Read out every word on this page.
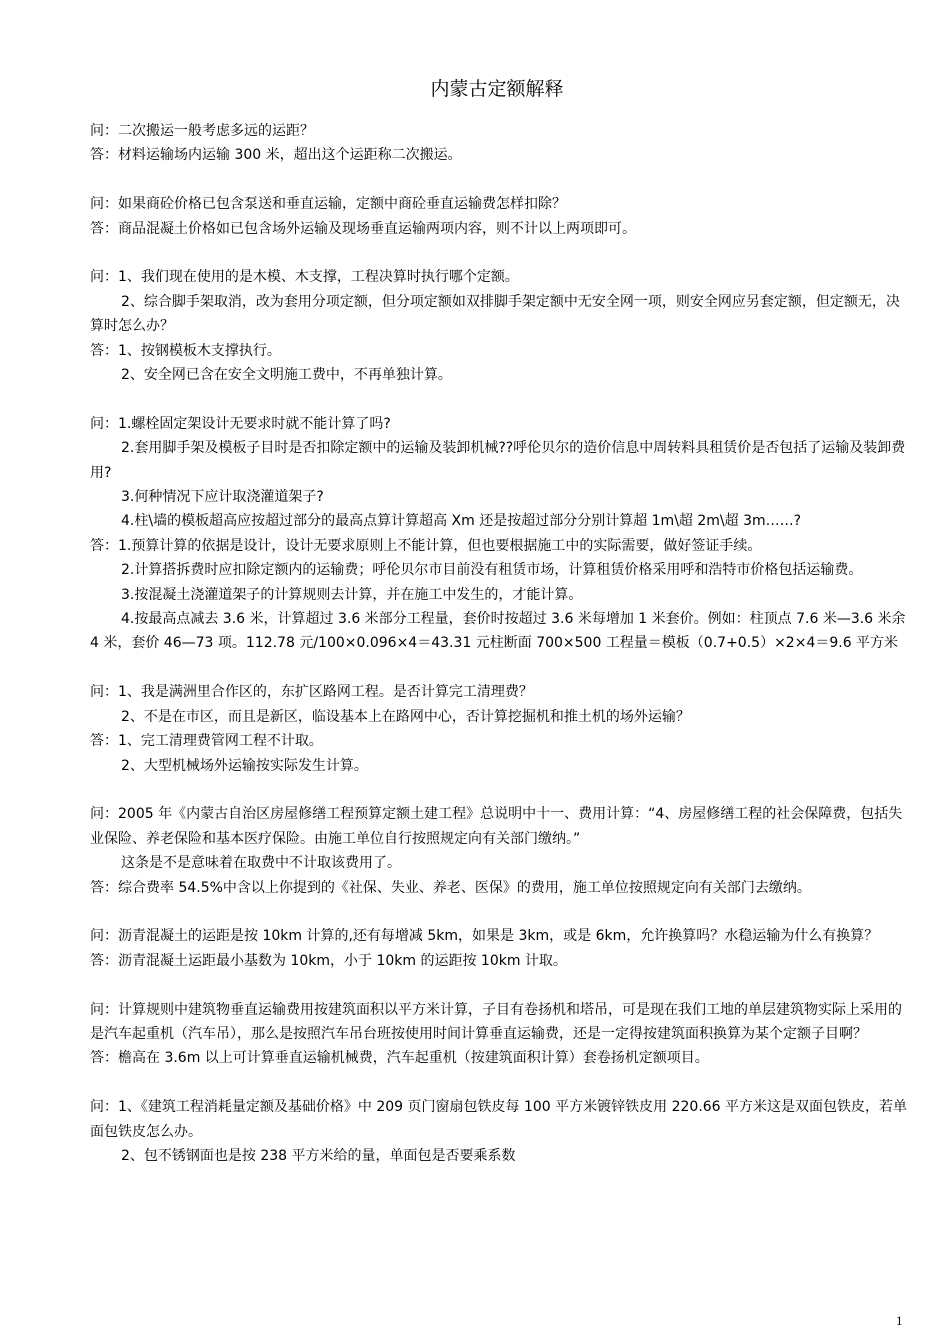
内蒙古定额解释

问：二次搬运一般考虑多远的运距？

答：材料运输场内运输 300 米，超出这个运距称二次搬运。

问：如果商砼价格已包含泵送和垂直运输，定额中商砼垂直运输费怎样扣除？

答：商品混凝土价格如已包含场外运输及现场垂直运输两项内容，则不计以上两项即可。

问：1、我们现在使用的是木模、木支撑，工程决算时执行哪个定额。

2、综合脚手架取消，改为套用分项定额，但分项定额如双排脚手架定额中无安全网一项，则安全网应另套定额，但定额无，决算时怎么办？

答：1、按钢模板木支撑执行。

2、安全网已含在安全文明施工费中，不再单独计算。

问：1.螺栓固定架设计无要求时就不能计算了吗?

2.套用脚手架及模板子目时是否扣除定额中的运输及装卸机械??呼伦贝尔的造价信息中周转料具租赁价是否包括了运输及装卸费用?

3.何种情况下应计取浇灌道架子?

4.柱\墙的模板超高应按超过部分的最高点算计算超高 Xm 还是按超过部分分别计算超 1m\超 2m\超 3m……?

答：1.预算计算的依据是设计，设计无要求原则上不能计算，但也要根据施工中的实际需要，做好签证手续。

2.计算搭拆费时应扣除定额内的运输费；呼伦贝尔市目前没有租赁市场，计算租赁价格采用呼和浩特市价格包括运输费。

3.按混凝土浇灌道架子的计算规则去计算，并在施工中发生的，才能计算。

4.按最高点减去 3.6 米，计算超过 3.6 米部分工程量，套价时按超过 3.6 米每增加 1 米套价。例如：柱顶点 7.6 米—3.6 米余 4 米，套价 46—73 项。112.78 元/100×0.096×4＝43.31 元柱断面 700×500 工程量＝模板（0.7+0.5）×2×4＝9.6 平方米

问：1、我是满洲里合作区的，东扩区路网工程。是否计算完工清理费？

2、不是在市区，而且是新区，临设基本上在路网中心，否计算挖掘机和推土机的场外运输？

答：1、完工清理费管网工程不计取。

2、大型机械场外运输按实际发生计算。

问：2005 年《内蒙古自治区房屋修缮工程预算定额土建工程》总说明中十一、费用计算：“4、房屋修缮工程的社会保障费，包括失业保险、养老保险和基本医疗保险。由施工单位自行按照规定向有关部门缴纳。”

这条是不是意味着在取费中不计取该费用了。

答：综合费率 54.5%中含以上你提到的《社保、失业、养老、医保》的费用，施工单位按照规定向有关部门去缴纳。

问：沥青混凝土的运距是按 10km 计算的,还有每增减 5km，如果是 3km，或是 6km，允许换算吗？水稳运输为什么有换算？

答：沥青混凝土运距最小基数为 10km，小于 10km 的运距按 10km 计取。

问：计算规则中建筑物垂直运输费用按建筑面积以平方米计算，子目有卷扬机和塔吊，可是现在我们工地的单层建筑物实际上采用的是汽车起重机（汽车吊），那么是按照汽车吊台班按使用时间计算垂直运输费，还是一定得按建筑面积换算为某个定额子目啊？

答：檐高在 3.6m 以上可计算垂直运输机械费，汽车起重机（按建筑面积计算）套卷扬机定额项目。

问：1、《建筑工程消耗量定额及基础价格》中 209 页门窗扇包铁皮每 100 平方米镀锌铁皮用 220.66 平方米这是双面包铁皮，若单面包铁皮怎么办。

2、包不锈钢面也是按 238 平方米给的量，单面包是否要乘系数

1
